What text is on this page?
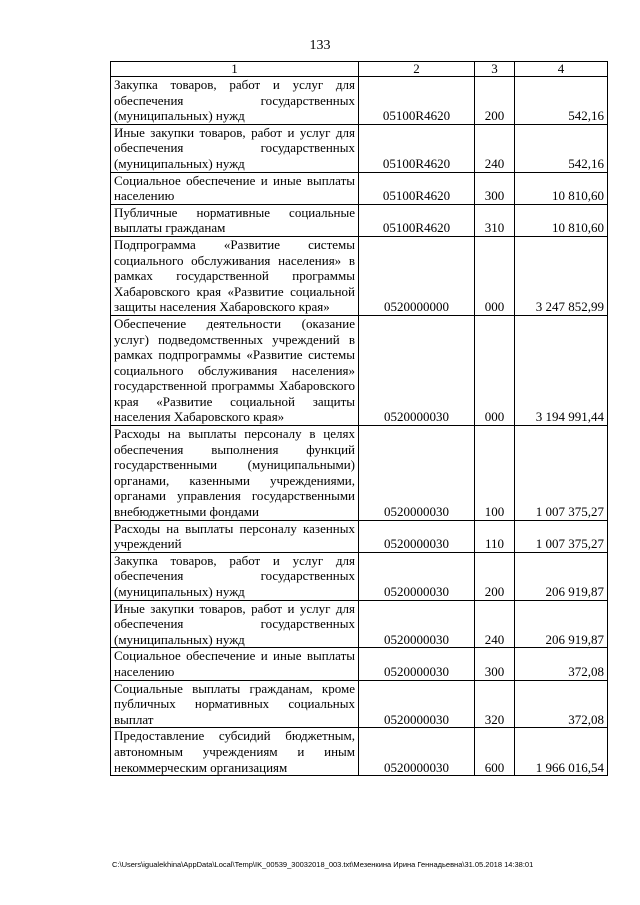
133
1	2	3	4
Закупка товаров, работ и услуг для обеспечения государственных (муниципальных) нужд	05100R4620	200	542,16
Иные закупки товаров, работ и услуг для обеспечения государственных (муниципальных) нужд	05100R4620	240	542,16
Социальное обеспечение и иные выплаты населению	05100R4620	300	10 810,60
Публичные нормативные социальные выплаты гражданам	05100R4620	310	10 810,60
Подпрограмма «Развитие системы социального обслуживания населения» в рамках государственной программы Хабаровского края «Развитие социальной защиты населения Хабаровского края»	0520000000	000	3 247 852,99
Обеспечение деятельности (оказание услуг) подведомственных учреждений в рамках подпрограммы «Развитие системы социального обслуживания населения» государственной программы Хабаровского края «Развитие социальной защиты населения Хабаровского края»	0520000030	000	3 194 991,44
Расходы на выплаты персоналу в целях обеспечения выполнения функций государственными (муниципальными) органами, казенными учреждениями, органами управления государственными внебюджетными фондами	0520000030	100	1 007 375,27
Расходы на выплаты персоналу казенных учреждений	0520000030	110	1 007 375,27
Закупка товаров, работ и услуг для обеспечения государственных (муниципальных) нужд	0520000030	200	206 919,87
Иные закупки товаров, работ и услуг для обеспечения государственных (муниципальных) нужд	0520000030	240	206 919,87
Социальное обеспечение и иные выплаты населению	0520000030	300	372,08
Социальные выплаты гражданам, кроме публичных нормативных социальных выплат	0520000030	320	372,08
Предоставление субсидий бюджетным, автономным учреждениям и иным некоммерческим организациям	0520000030	600	1 966 016,54
C:\Users\igualekhina\AppData\Local\Temp\IK_00539_30032018_003.txt\Мезенкина Ирина Геннадьевна\31.05.2018 14:38:01
